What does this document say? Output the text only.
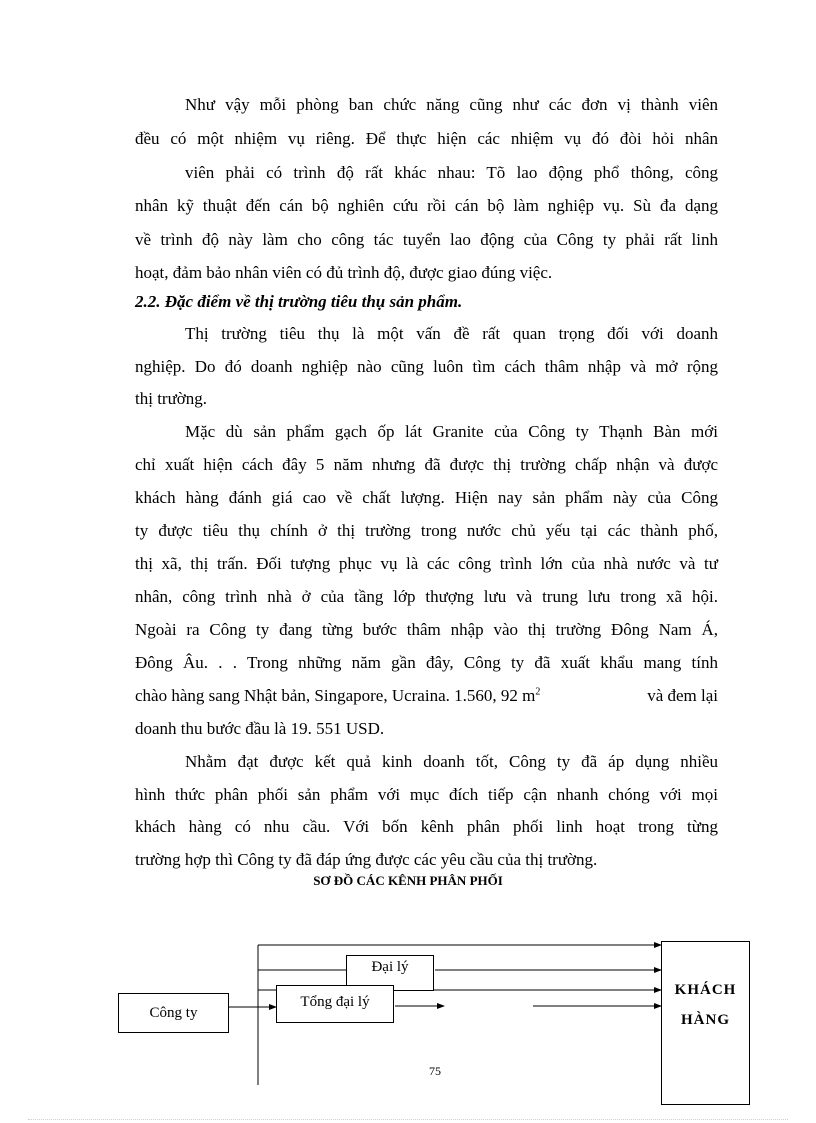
Như vậy mỗi phòng ban chức năng cũng như các đơn vị thành viên
đều có một nhiệm vụ riêng. Để thực hiện các nhiệm vụ đó đòi hỏi nhân
viên phải có trình độ rất khác nhau: Tõ lao động phổ thông, công
nhân kỹ thuật đến cán bộ nghiên cứu rồi cán bộ làm nghiệp vụ. Sù đa dạng
về trình độ này làm cho công tác tuyển lao động của Công ty phải rất linh
hoạt, đảm bảo nhân viên có đủ trình độ, được giao đúng việc.
2.2. Đặc điểm về thị trường tiêu thụ sản phẩm.
Thị trường tiêu thụ là một vấn đề rất quan trọng đối với doanh
nghiệp. Do đó doanh nghiệp nào cũng luôn tìm cách thâm nhập và mở rộng
thị trường.
Mặc dù sản phẩm gạch ốp lát Granite của Công ty Thạnh Bàn mới
chỉ xuất hiện cách đây 5 năm nhưng đã được thị trường chấp nhận và được
khách hàng đánh giá cao về chất lượng. Hiện nay sản phẩm này của Công
ty được tiêu thụ chính ở thị trường trong nước chủ yếu tại các thành phố,
thị xã, thị trấn. Đối tượng phục vụ là các công trình lớn của nhà nước và tư
nhân, công trình nhà ở của tầng lớp thượng lưu và trung lưu trong xã hội.
Ngoài ra Công ty đang từng bước thâm nhập vào thị trường Đông Nam Á,
Đông Âu. . . Trong những năm gần đây, Công ty đã xuất khẩu mang tính
chào hàng sang Nhật bản, Singapore, Ucraina. 1.560, 92 $m^2$	và đem lại
doanh thu bước đầu là 19. 551 USD.
Nhằm đạt được kết quả kinh doanh tốt, Công ty đã áp dụng nhiều
hình thức phân phối sản phẩm với mục đích tiếp cận nhanh chóng với mọi
khách hàng có nhu cầu. Với bốn kênh phân phối linh hoạt trong từng
trường hợp thì Công ty đã đáp ứng được các yêu cầu của thị trường.
SƠ ĐỒ CÁC KÊNH PHÂN PHỐI
Công ty
Đại lý
Tổng đại lý
KHÁCH
HÀNG
75
